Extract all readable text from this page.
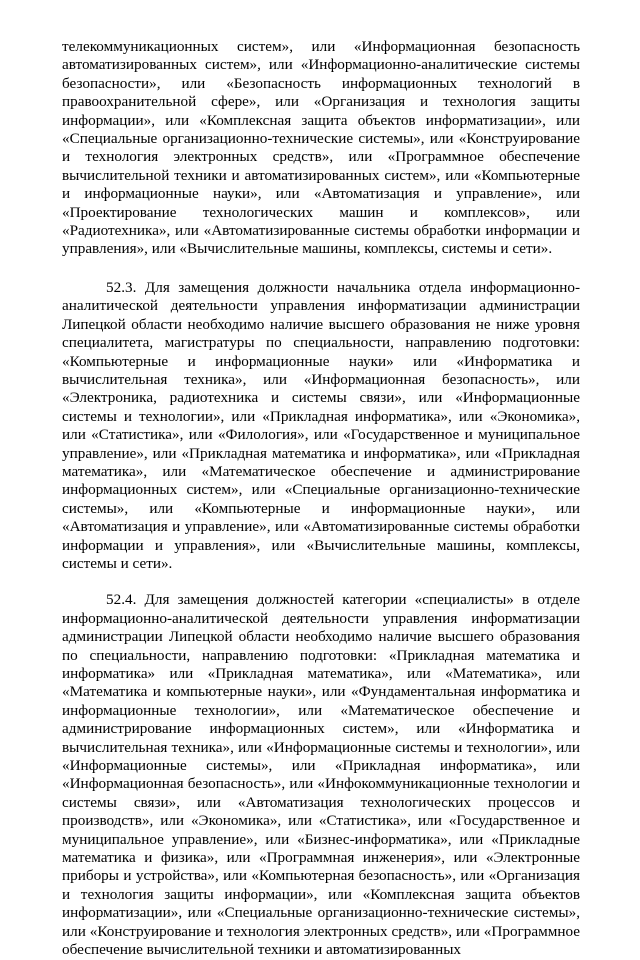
телекоммуникационных систем», или «Информационная безопасность автоматизированных систем», или «Информационно-аналитические системы безопасности», или «Безопасность информационных технологий в правоохранительной сфере», или «Организация и технология защиты информации», или «Комплексная защита объектов информатизации», или «Специальные организационно-технические системы», или «Конструирование и технология электронных средств», или «Программное обеспечение вычислительной техники и автоматизированных систем», или «Компьютерные и информационные науки», или «Автоматизация и управление», или «Проектирование технологических машин и комплексов», или «Радиотехника», или «Автоматизированные системы обработки информации и управления», или «Вычислительные машины, комплексы, системы и сети».

52.3. Для замещения должности начальника отдела информационно-аналитической деятельности управления информатизации администрации Липецкой области необходимо наличие высшего образования не ниже уровня специалитета, магистратуры по специальности, направлению подготовки: «Компьютерные и информационные науки» или «Информатика и вычислительная техника», или «Информационная безопасность», или «Электроника, радиотехника и системы связи», или «Информационные системы и технологии», или «Прикладная информатика», или «Экономика», или «Статистика», или «Филология», или «Государственное и муниципальное управление», или «Прикладная математика и информатика», или «Прикладная математика», или «Математическое обеспечение и администрирование информационных систем», или «Специальные организационно-технические системы», или «Компьютерные и информационные науки», или «Автоматизация и управление», или «Автоматизированные системы обработки информации и управления», или «Вычислительные машины, комплексы, системы и сети».

52.4. Для замещения должностей категории «специалисты» в отделе информационно-аналитической деятельности управления информатизации администрации Липецкой области необходимо наличие высшего образования по специальности, направлению подготовки: «Прикладная математика и информатика» или «Прикладная математика», или «Математика», или «Математика и компьютерные науки», или «Фундаментальная информатика и информационные технологии», или «Математическое обеспечение и администрирование информационных систем», или «Информатика и вычислительная техника», или «Информационные системы и технологии», или «Информационные системы», или «Прикладная информатика», или «Информационная безопасность», или «Инфокоммуникационные технологии и системы связи», или «Автоматизация технологических процессов и производств», или «Экономика», или «Статистика», или «Государственное и муниципальное управление», или «Бизнес-информатика», или «Прикладные математика и физика», или «Программная инженерия», или «Электронные приборы и устройства», или «Компьютерная безопасность», или «Организация и технология защиты информации», или «Комплексная защита объектов информатизации», или «Специальные организационно-технические системы», или «Конструирование и технология электронных средств», или «Программное обеспечение вычислительной техники и автоматизированных
